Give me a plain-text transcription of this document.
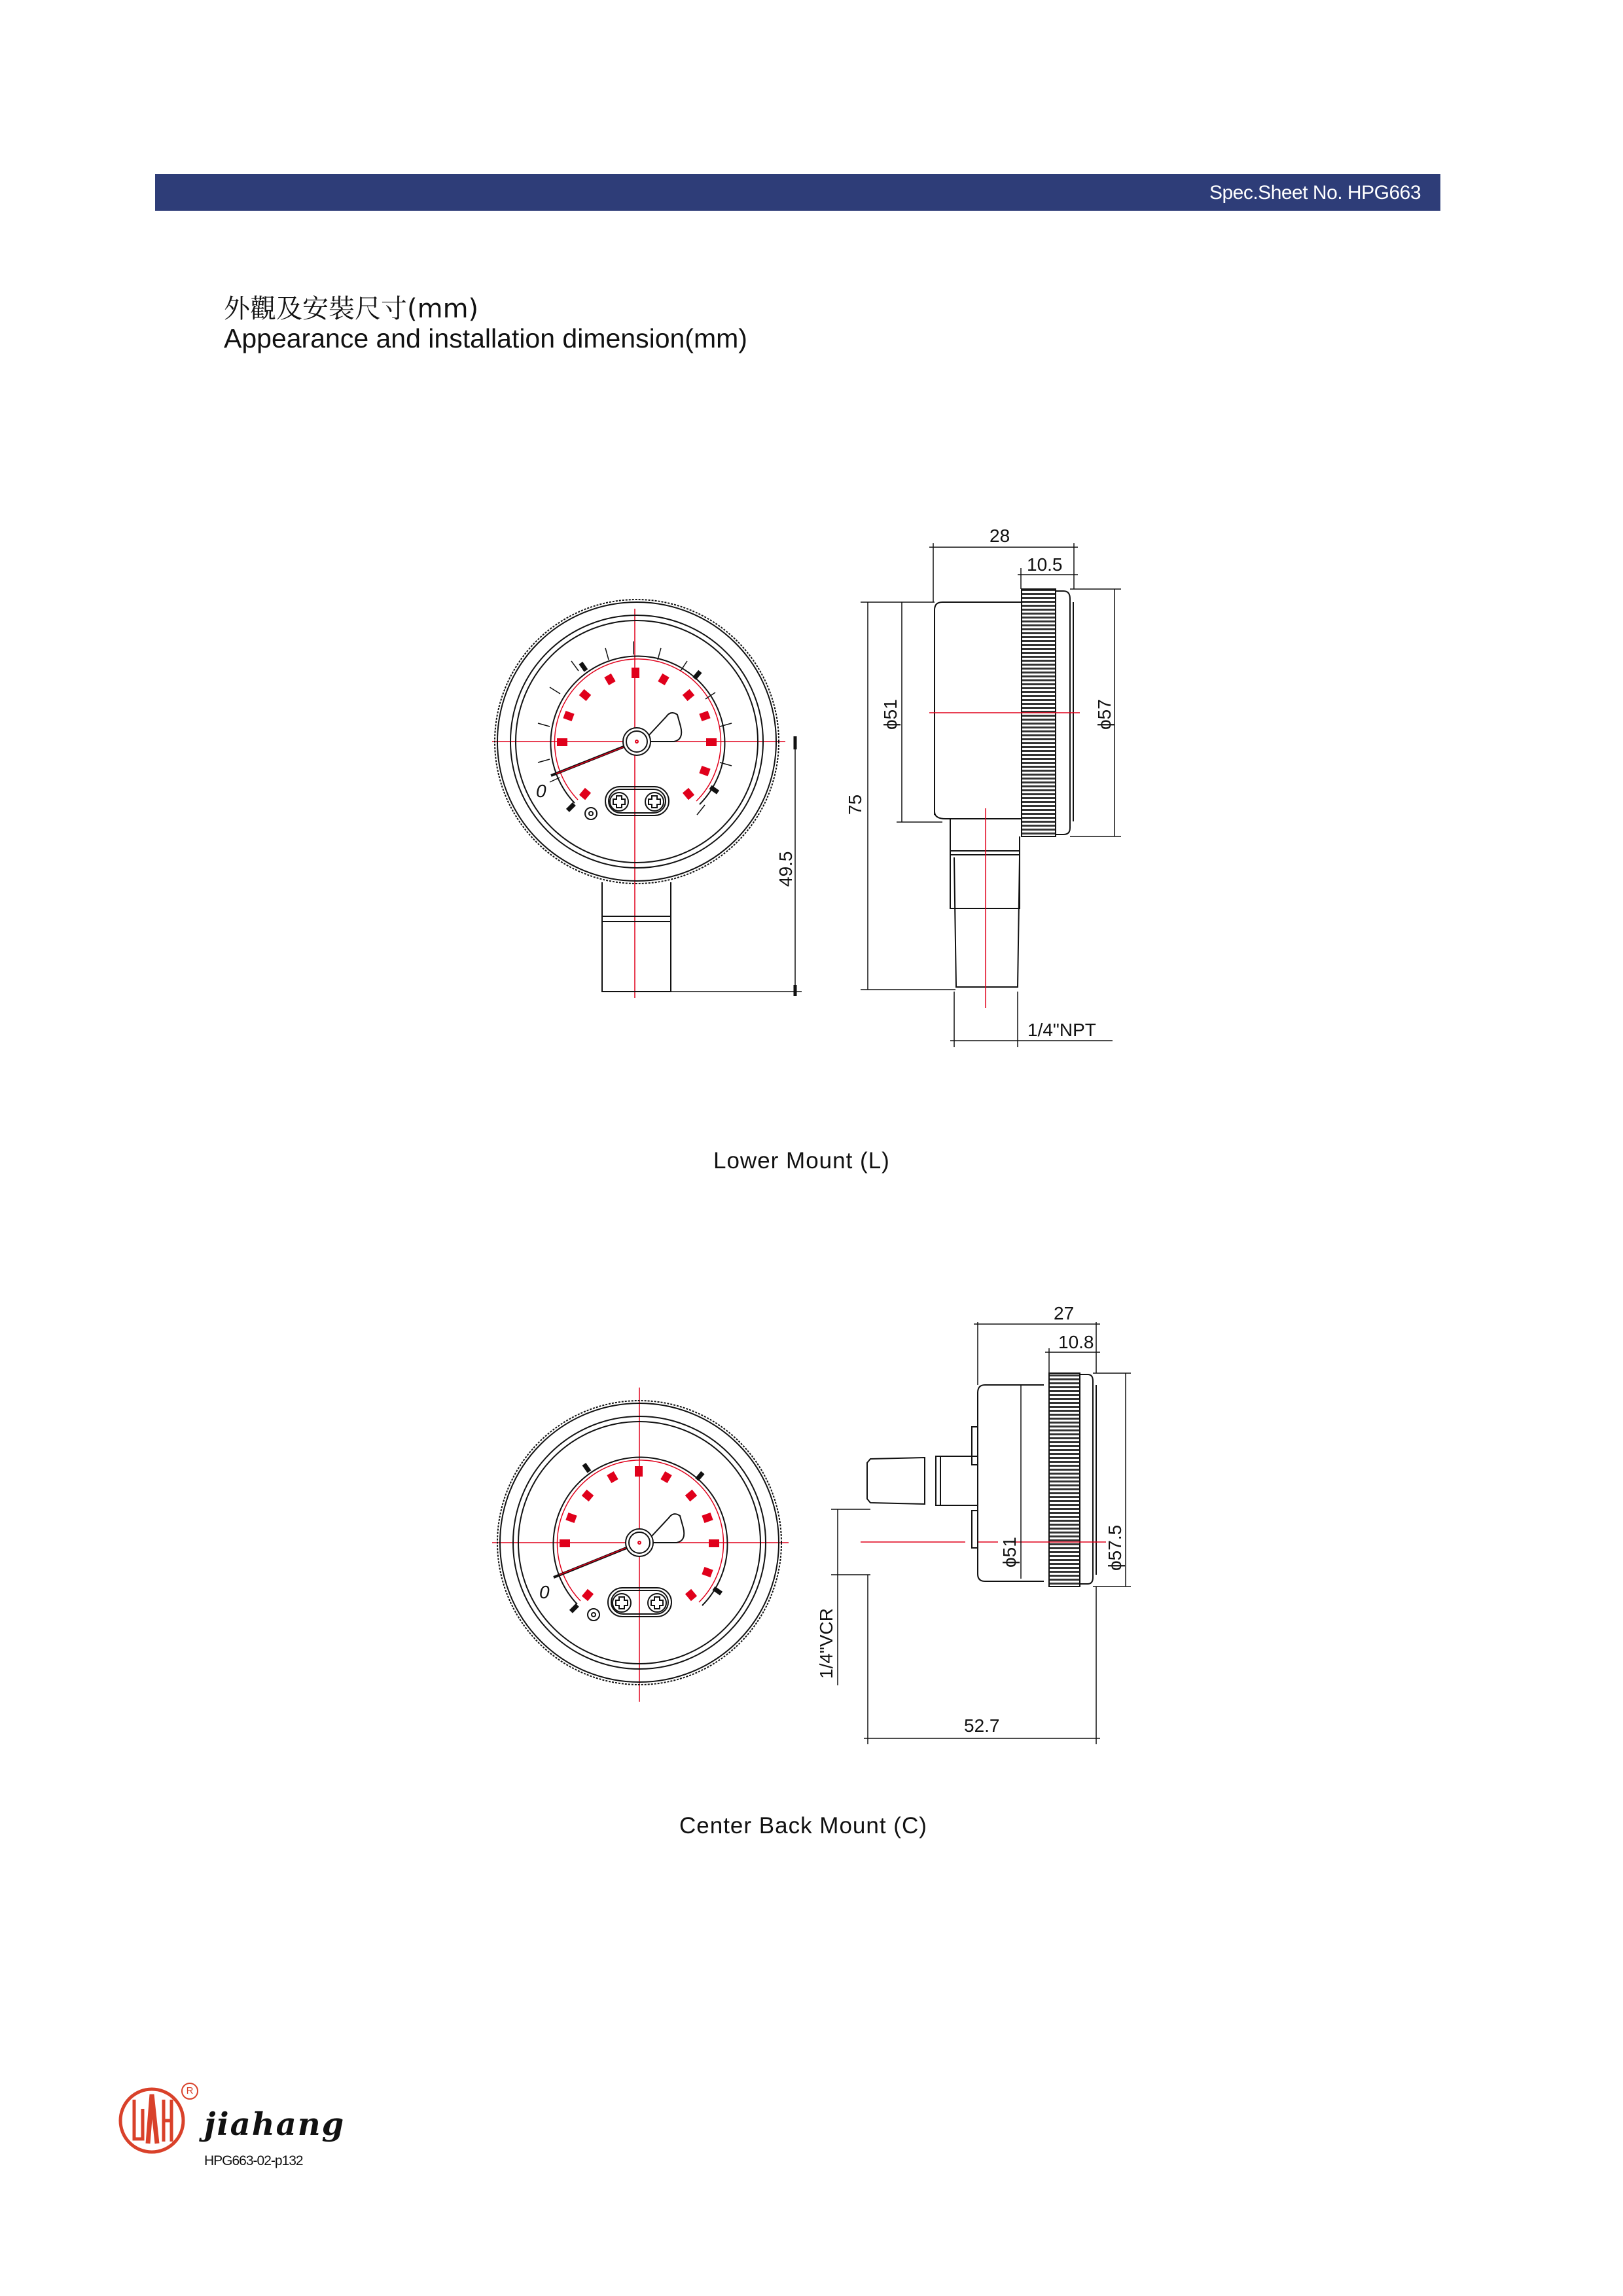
Spec.Sheet No. HPG663
外觀及安裝尺寸(mm)
Appearance and installation dimension(mm)
0
49.5
28
10.5
ϕ51
75
ϕ57
1/4"NPT
0
27
10.8
ϕ51	ϕ57.5
1/4"VCR
52.7
Lower Mount (L)
Center Back Mount (C)
R
jiahang
HPG663-02-p132
